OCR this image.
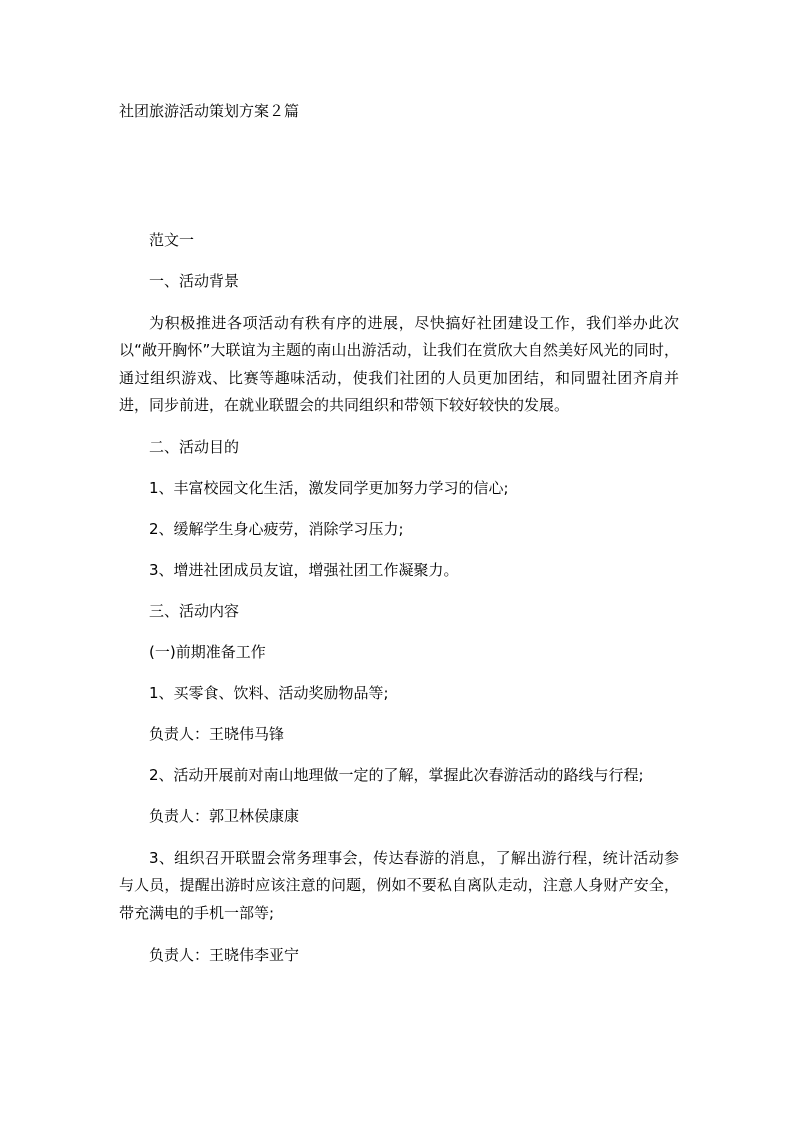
社团旅游活动策划方案２篇

范文一

一、活动背景

为积极推进各项活动有秩有序的进展，尽快搞好社团建设工作，我们举办此次以“敞开胸怀”大联谊为主题的南山出游活动，让我们在赏欣大自然美好风光的同时，通过组织游戏、比赛等趣味活动，使我们社团的人员更加团结，和同盟社团齐肩并进，同步前进，在就业联盟会的共同组织和带领下较好较快的发展。

二、活动目的

1、丰富校园文化生活，激发同学更加努力学习的信心;

2、缓解学生身心疲劳，消除学习压力;

3、增进社团成员友谊，增强社团工作凝聚力。

三、活动内容

(一)前期准备工作

1、买零食、饮料、活动奖励物品等;

负责人：王晓伟马锋

2、活动开展前对南山地理做一定的了解，掌握此次春游活动的路线与行程;

负责人：郭卫林侯康康

3、组织召开联盟会常务理事会，传达春游的消息，了解出游行程，统计活动参与人员，提醒出游时应该注意的问题，例如不要私自离队走动，注意人身财产安全，带充满电的手机一部等;

负责人：王晓伟李亚宁
